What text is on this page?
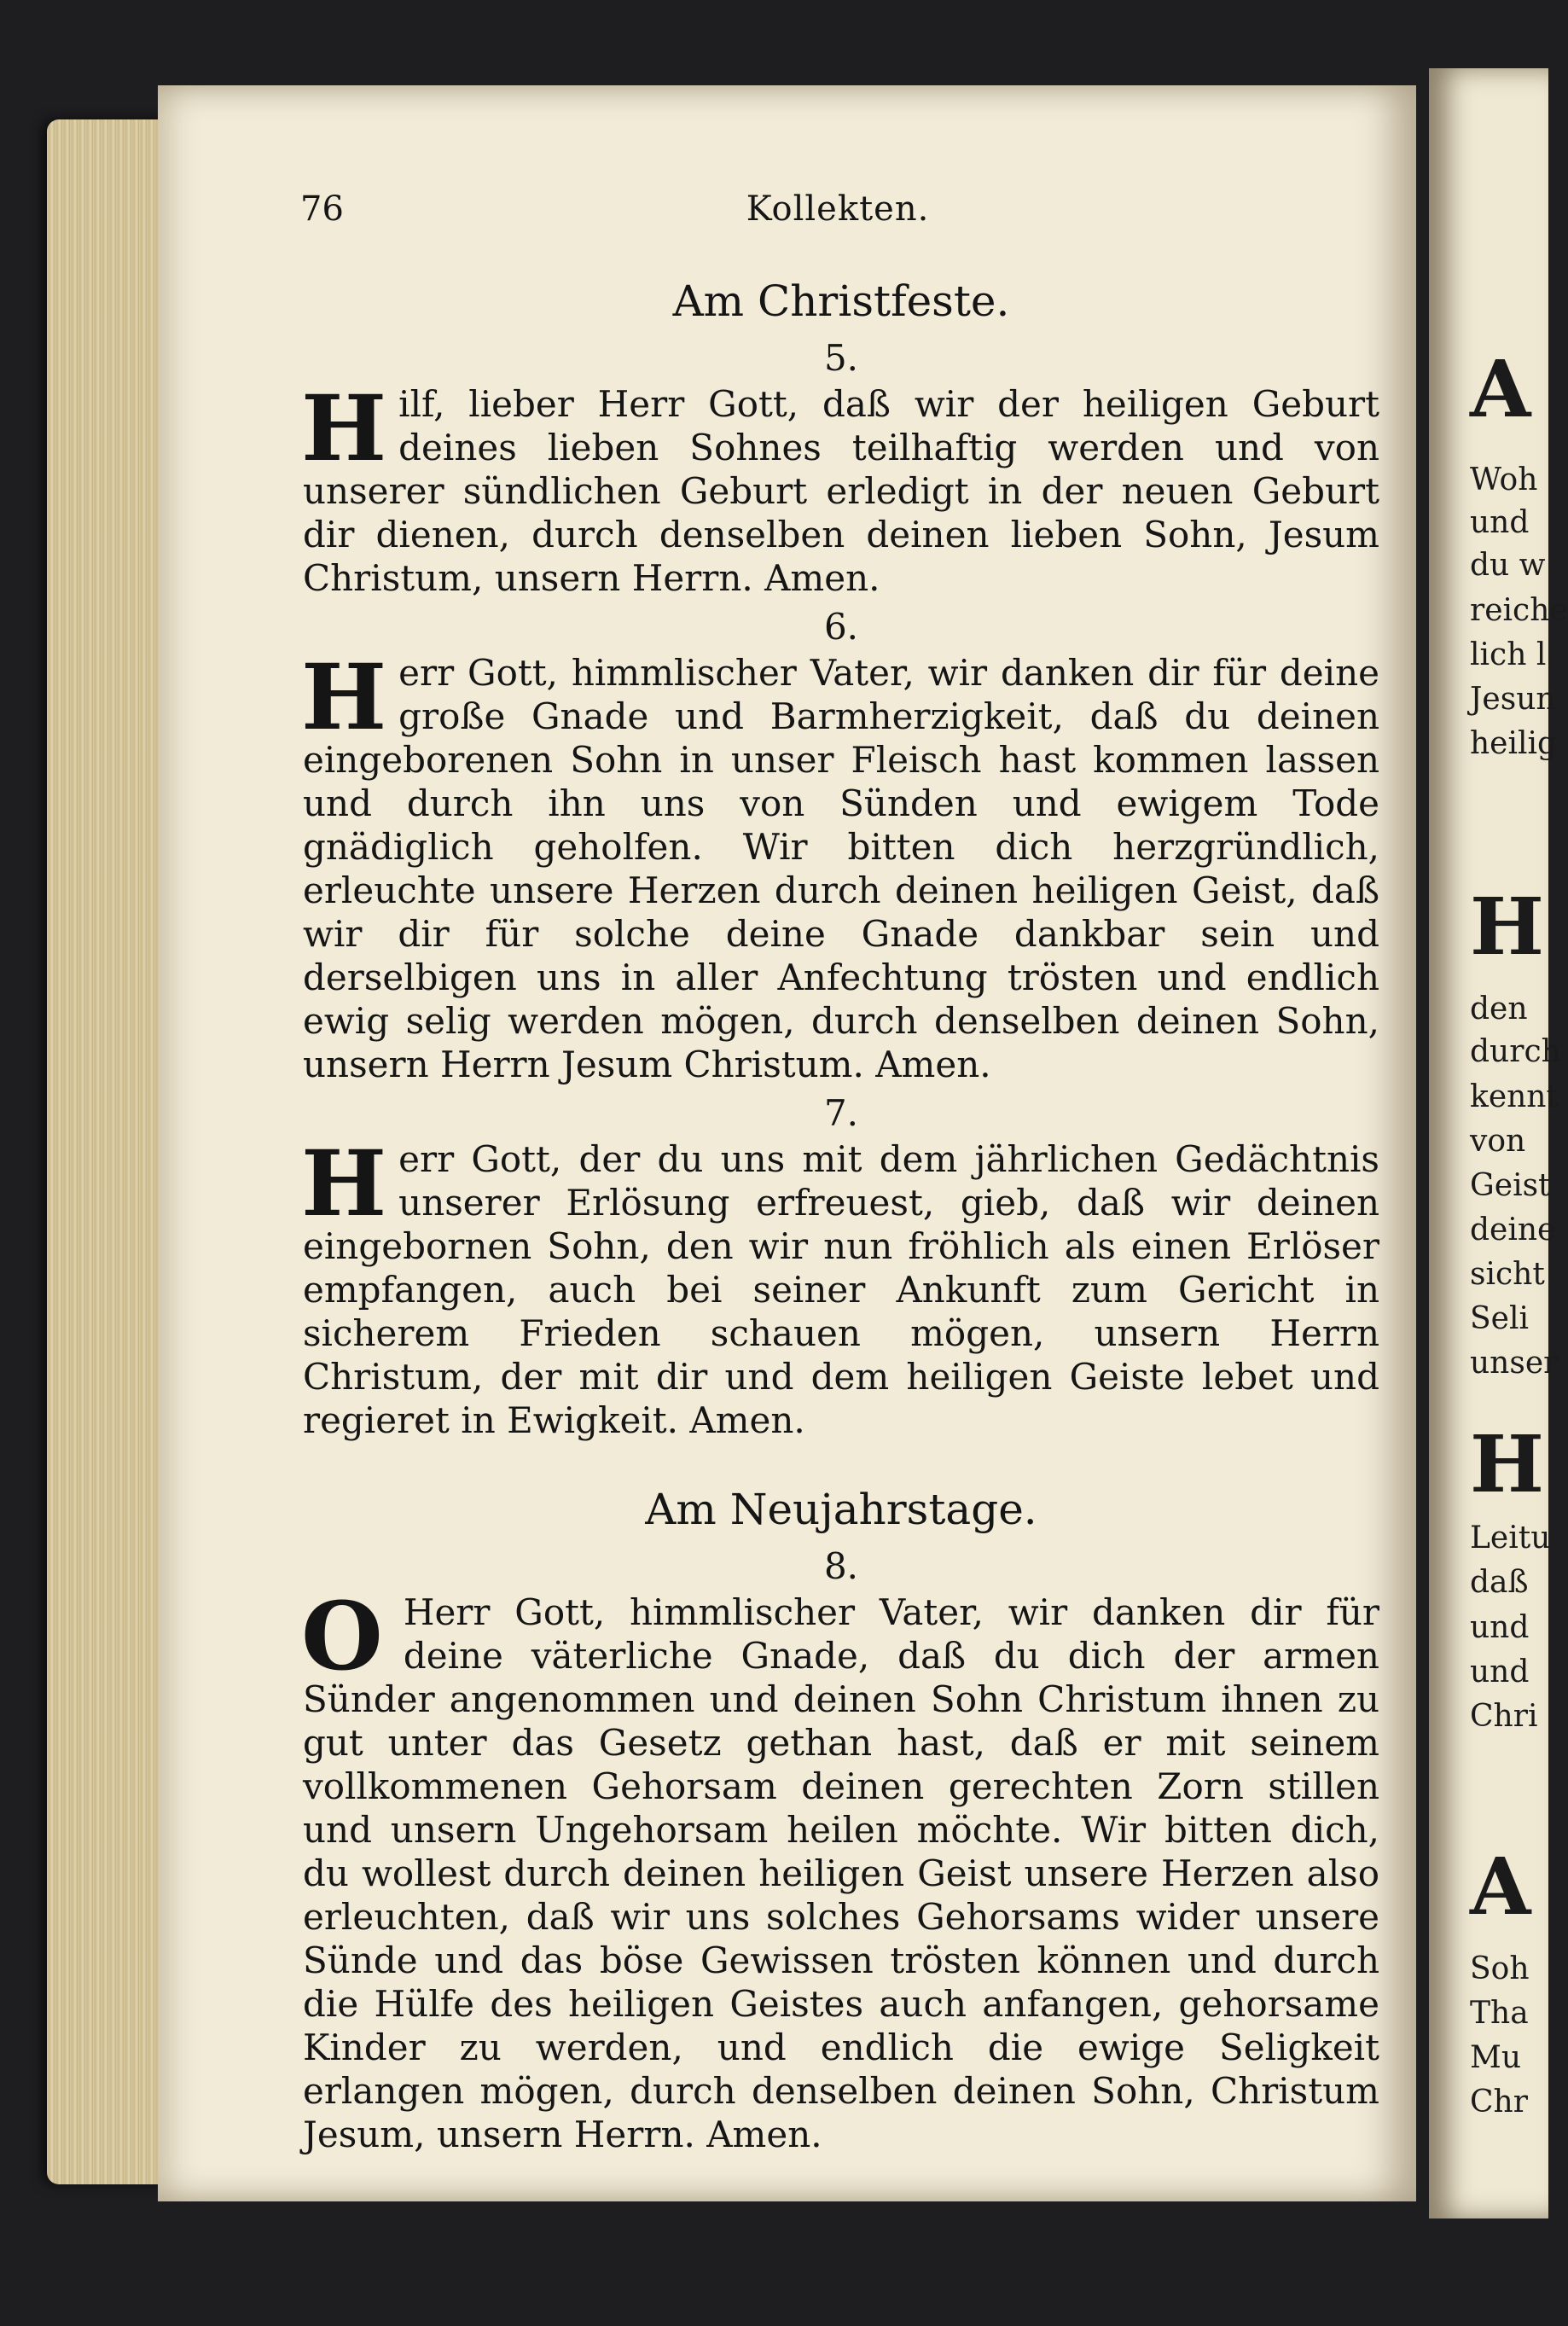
A
Woh
und
du w
reiche
lich l
Jesun
heilig
H
den
durch
kennt
von
Geist
deine
sicht
Seli
unser
H
Leitu
daß
und
und
Chri
A
Soh
Tha
Mu
Chr
76	Kollekten.
Am Christfeste.
5.
H ilf, lieber Herr Gott, daß wir der heiligen Geburt deines lieben Sohnes teilhaftig werden und von unserer sündlichen Geburt erledigt in der neuen Geburt dir dienen, durch denselben deinen lieben Sohn, Jesum Christum, unsern Herrn. Amen.

6.
H err Gott, himmlischer Vater, wir danken dir für deine große Gnade und Barmherzigkeit, daß du deinen eingeborenen Sohn in unser Fleisch hast kommen lassen und durch ihn uns von Sünden und ewigem Tode gnädiglich geholfen. Wir bitten dich herzgründlich, erleuchte unsere Herzen durch deinen heiligen Geist, daß wir dir für solche deine Gnade dankbar sein und derselbigen uns in aller Anfechtung trösten und endlich ewig selig werden mögen, durch denselben deinen Sohn, unsern Herrn Jesum Christum. Amen.

7.
H err Gott, der du uns mit dem jährlichen Gedächtnis unserer Erlösung erfreuest, gieb, daß wir deinen eingebornen Sohn, den wir nun fröhlich als einen Erlöser empfangen, auch bei seiner Ankunft zum Gericht in sicherem Frieden schauen mögen, unsern Herrn Christum, der mit dir und dem heiligen Geiste lebet und regieret in Ewigkeit. Amen.

Am Neujahrstage.
8.
O Herr Gott, himmlischer Vater, wir danken dir für deine väterliche Gnade, daß du dich der armen Sünder angenommen und deinen Sohn Christum ihnen zu gut unter das Gesetz gethan hast, daß er mit seinem vollkommenen Gehorsam deinen gerechten Zorn stillen und unsern Ungehorsam heilen möchte. Wir bitten dich, du wollest durch deinen heiligen Geist unsere Herzen also erleuchten, daß wir uns solches Gehorsams wider unsere Sünde und das böse Gewissen trösten können und durch die Hülfe des heiligen Geistes auch anfangen, gehorsame Kinder zu werden, und endlich die ewige Seligkeit erlangen mögen, durch denselben deinen Sohn, Christum Jesum, unsern Herrn. Amen.
